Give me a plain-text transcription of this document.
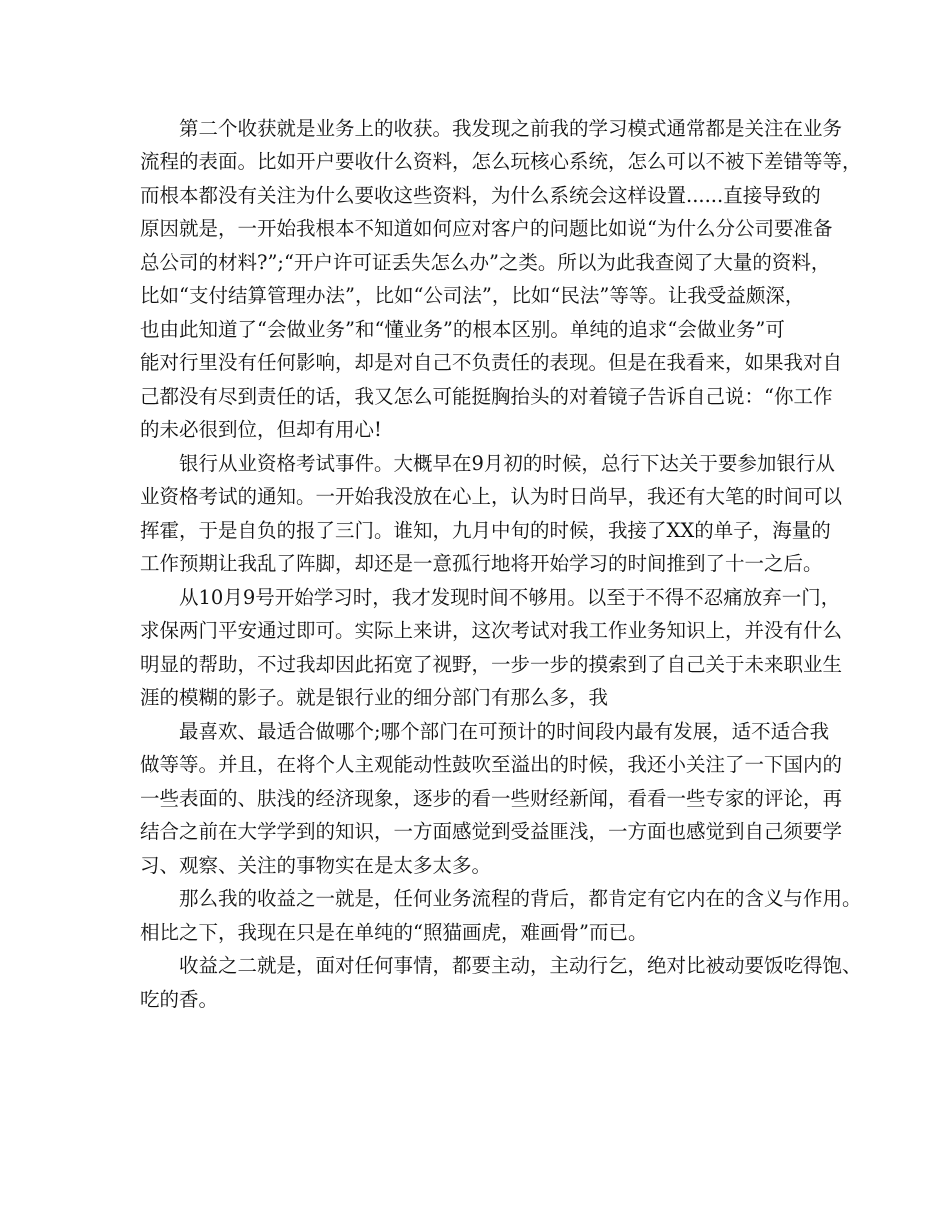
　　第二个收获就是业务上的收获。我发现之前我的学习模式通常都是关注在业务

流程的表面。比如开户要收什么资料，怎么玩核心系统，怎么可以不被下差错等等，

而根本都没有关注为什么要收这些资料，为什么系统会这样设置......直接导致的

原因就是，一开始我根本不知道如何应对客户的问题比如说“为什么分公司要准备

总公司的材料?”;“开户许可证丢失怎么办”之类。所以为此我查阅了大量的资料，

比如“支付结算管理办法”，比如“公司法”，比如“民法”等等。让我受益颇深，

也由此知道了“会做业务”和“懂业务”的根本区别。单纯的追求“会做业务”可

能对行里没有任何影响，却是对自己不负责任的表现。但是在我看来，如果我对自

己都没有尽到责任的话，我又怎么可能挺胸抬头的对着镜子告诉自己说：“你工作

的未必很到位，但却有用心!

　　银行从业资格考试事件。大概早在9月初的时候，总行下达关于要参加银行从

业资格考试的通知。一开始我没放在心上，认为时日尚早，我还有大笔的时间可以

挥霍，于是自负的报了三门。谁知，九月中旬的时候，我接了XX的单子，海量的

工作预期让我乱了阵脚，却还是一意孤行地将开始学习的时间推到了十一之后。

　　从10月9号开始学习时，我才发现时间不够用。以至于不得不忍痛放弃一门，

求保两门平安通过即可。实际上来讲，这次考试对我工作业务知识上，并没有什么

明显的帮助，不过我却因此拓宽了视野，一步一步的摸索到了自己关于未来职业生

涯的模糊的影子。就是银行业的细分部门有那么多，我

　　最喜欢、最适合做哪个;哪个部门在可预计的时间段内最有发展，适不适合我

做等等。并且，在将个人主观能动性鼓吹至溢出的时候，我还小关注了一下国内的

一些表面的、肤浅的经济现象，逐步的看一些财经新闻，看看一些专家的评论，再

结合之前在大学学到的知识，一方面感觉到受益匪浅，一方面也感觉到自己须要学

习、观察、关注的事物实在是太多太多。

　　那么我的收益之一就是，任何业务流程的背后，都肯定有它内在的含义与作用。

相比之下，我现在只是在单纯的“照猫画虎，难画骨”而已。

　　收益之二就是，面对任何事情，都要主动，主动行乞，绝对比被动要饭吃得饱、

吃的香。
